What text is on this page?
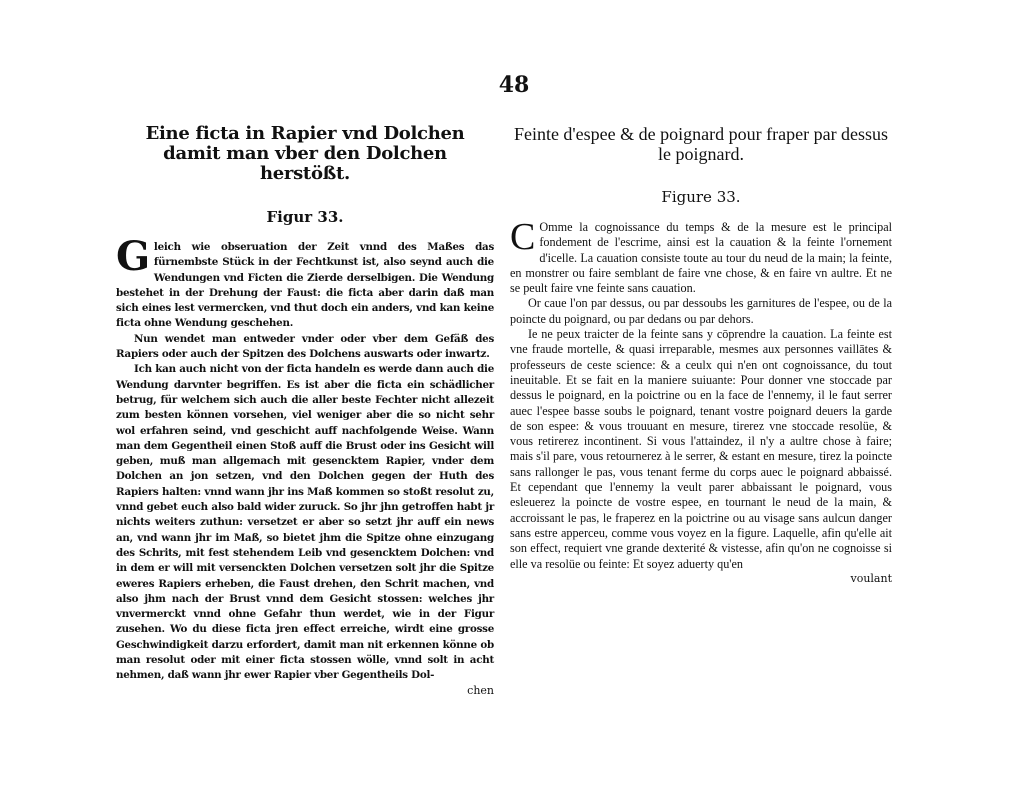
48
Eine ficta in Rapier vnd Dolchen damit man vber den Dolchen herstößt.
Figur 33.

Gleich wie obseruation der Zeit vnnd des Maßes das fürnembste Stück in der Fechtkunst ist, also seynd auch die Wendungen vnd Ficten die Zierde derselbigen. Die Wendung bestehet in der Drehung der Faust: die ficta aber darin daß man sich eines lest vermercken, vnd thut doch ein anders, vnd kan keine ficta ohne Wendung geschehen.

Nun wendet man entweder vnder oder vber dem Gefäß des Rapiers oder auch der Spitzen des Dolchens auswarts oder inwartz.

Ich kan auch nicht von der ficta handeln es werde dann auch die Wendung darvnter begriffen. Es ist aber die ficta ein schädlicher betrug, für welchem sich auch die aller beste Fechter nicht allezeit zum besten können vorsehen, viel weniger aber die so nicht sehr wol erfahren seind, vnd geschicht auff nachfolgende Weise. Wann man dem Gegentheil einen Stoß auff die Brust oder ins Gesicht will geben, muß man allgemach mit gesencktem Rapier, vnder dem Dolchen an jon setzen, vnd den Dolchen gegen der Huth des Rapiers halten: vnnd wann jhr ins Maß kommen so stoßt resolut zu, vnnd gebet euch also bald wider zuruck. So jhr jhn getroffen habt jr nichts weiters zuthun: versetzet er aber so setzt jhr auff ein news an, vnd wann jhr im Maß, so bietet jhm die Spitze ohne einzugang des Schrits, mit fest stehendem Leib vnd gesencktem Dolchen: vnd in dem er will mit versenckten Dolchen versetzen solt jhr die Spitze eweres Rapiers erheben, die Faust drehen, den Schrit machen, vnd also jhm nach der Brust vnnd dem Gesicht stossen: welches jhr vnvermerckt vnnd ohne Gefahr thun werdet, wie in der Figur zusehen. Wo du diese ficta jren effect erreiche, wirdt eine grosse Geschwindigkeit darzu erfordert, damit man nit erkennen könne ob man resolut oder mit einer ficta stossen wölle, vnnd solt in acht nehmen, daß wann jhr ewer Rapier vber Gegentheils Dol-

chen

Feinte d'espee & de poignard pour fraper par dessus le poignard.
Figure 33.

C Omme la cognoissance du temps & de la mesure est le principal fondement de l'escrime, ainsi est la cauation & la feinte l'ornement d'icelle. La cauation consiste toute au tour du neud de la main; la feinte, en monstrer ou faire semblant de faire vne chose, & en faire vn aultre. Et ne se peult faire vne feinte sans cauation.

Or caue l'on par dessus, ou par dessoubs les garnitures de l'espee, ou de la poincte du poignard, ou par dedans ou par dehors.

Ie ne peux traicter de la feinte sans y cōprendre la cauation. La feinte est vne fraude mortelle, & quasi irreparable, mesmes aux personnes vaillātes & professeurs de ceste science: & a ceulx qui n'en ont cognoissance, du tout ineuitable. Et se fait en la maniere suiuante: Pour donner vne stoccade par dessus le poignard, en la poictrine ou en la face de l'ennemy, il le faut serrer auec l'espee basse soubs le poignard, tenant vostre poignard deuers la garde de son espee: & vous trouuant en mesure, tirerez vne stoccade resolüe, & vous retirerez incontinent. Si vous l'attaindez, il n'y a aultre chose à faire; mais s'il pare, vous retournerez à le serrer, & estant en mesure, tirez la poincte sans rallonger le pas, vous tenant ferme du corps auec le poignard abbaissé. Et cependant que l'ennemy la veult parer abbaissant le poignard, vous esleuerez la poincte de vostre espee, en tournant le neud de la main, & accroissant le pas, le fraperez en la poictrine ou au visage sans aulcun danger sans estre apperceu, comme vous voyez en la figure. Laquelle, afin qu'elle ait son effect, requiert vne grande dexterité & vistesse, afin qu'on ne cognoisse si elle va resolüe ou feinte: Et soyez aduerty qu'en

voulant
